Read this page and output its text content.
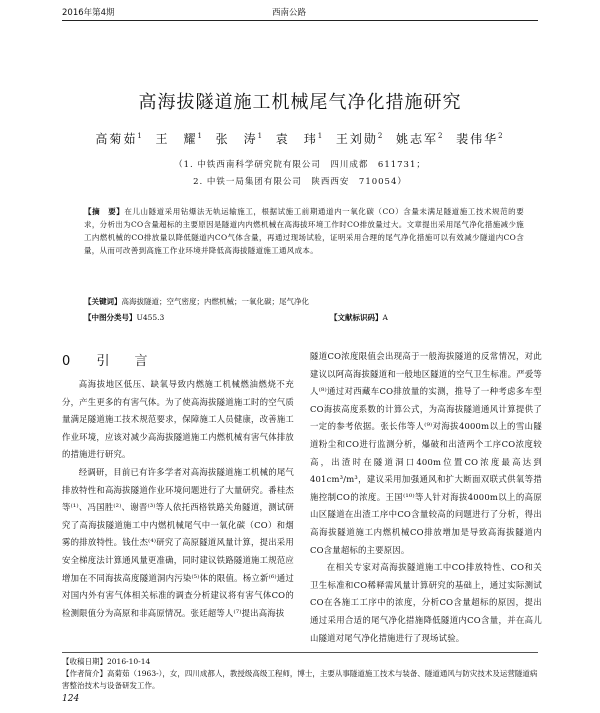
2016年第4期	西南公路
高海拔隧道施工机械尾气净化措施研究
高菊茹$^1$ 王　耀$^1$ 张　涛$^1$ 袁　玮$^1$ 王刘勋$^2$ 姚志军$^2$ 裴伟华$^2$
（1. 中铁西南科学研究院有限公司　四川成都　611731；
2. 中铁一局集团有限公司　陕西西安　710054）
【摘　要】在儿山隧道采用钻爆法无轨运输施工，根据试施工前期通道内一氧化碳（CO）含量未满足隧道施工技术规范的要求，分析出为CO含量超标的主要原因是隧道内内燃机械在高海拔环境工作时CO排放量过大。文章提出采用尾气净化措施减少施工内燃机械的CO排放量以降低隧道内CO气体含量，再通过现场试验，证明采用合理的尾气净化措施可以有效减少隧道内CO含量，从而可改善到高施工作业环境并降低高海拔隧道施工通风成本。
【关键词】高海拔隧道；空气密度；内燃机械；一氧化碳；尾气净化
【中图分类号】U455.3	【文献标识码】A
0 引　言

高海拔地区低压、缺氧导致内燃施工机械燃油燃烧不充分，产生更多的有害气体。为了使高海拔隧道施工时的空气质量满足隧道施工技术规范要求，保障施工人员健康，改善施工作业环境，应该对减少高海拔隧道施工内燃机械有害气体排放的措施进行研究。

经调研，目前已有许多学者对高海拔隧道施工机械的尾气排放特性和高海拔隧道作业环境问题进行了大量研究。番桂杰等⁽¹⁾、冯国胜⁽²⁾、谢晋⁽³⁾等人依托西格铁路关角隧道，测试研究了高海拔隧道施工中内燃机械尾气中一氧化碳（CO）和烟雾的排放特性。钱仕杰⁽⁴⁾研究了高原隧道风量计算，提出采用安全梯度法计算通风量更准确，同时建议铁路隧道施工规范应增加在不同海拔高度隧道洞内污染⁽⁵⁾体的限值。杨立新⁽⁶⁾通过对国内外有害气体相关标准的调查分析建议将有害气体CO的检测限值分为高原和非高原情况。张廷超等人⁽⁷⁾提出高海拔

隧道CO浓度限值会出现高于一般海拔隧道的反常情况，对此建议以阿高海拔隧道和一般地区隧道的空气卫生标准。严爱等人⁽⁸⁾通过对西藏车CO排放量的实测，推导了一种考虑多车型CO海拔高度系数的计算公式，为高海拔隧道通风计算提供了一定的参考依据。张长伟等人⁽⁹⁾对海拔4000m以上的雪山隧道粉尘和CO进行监测分析，爆破和出渣两个工序CO浓度较高，出渣时在隧道洞口400m位置CO浓度最高达到401cm³/m³，建议采用加强通风和扩大断面双联式供氧等措施控制CO的浓度。王国⁽¹⁰⁾等人针对海拔4000m以上的高原山区隧道在出渣工序中CO含量较高的问题进行了分析，得出高海拔隧道施工内燃机械CO排放增加是导致高海拔隧道内CO含量超标的主要原因。

在相关专家对高海拔隧道施工中CO排放特性、CO和关卫生标准和CO稀释需风量计算研究的基础上，通过实际测试CO在各施工工序中的浓度，分析CO含量超标的原因，提出通过采用合适的尾气净化措施降低隧道内CO含量，并在高儿山隧道对尾气净化措施进行了现场试验。

【收稿日期】2016-10-14
【作者简介】高菊茹（1963-），女，四川成都人，教授级高级工程师，博士，主要从事隧道施工技术与装备、隧道通风与防灾技术及运营隧道病害整治技术与设备研发工作。
124
